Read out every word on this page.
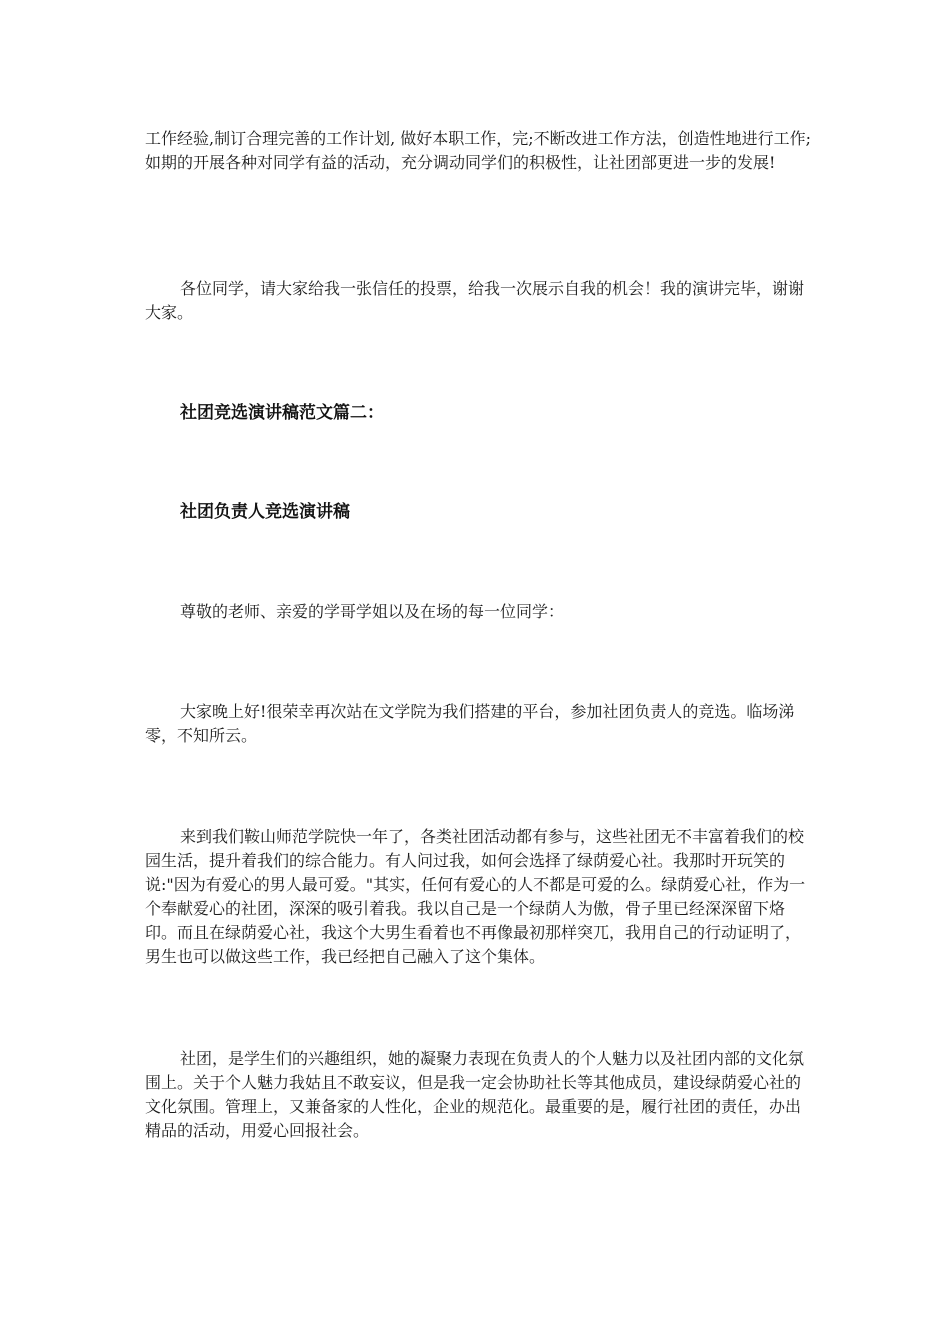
工作经验,制订合理完善的工作计划, 做好本职工作，完;不断改进工作方法，创造性地进行工作;如期的开展各种对同学有益的活动，充分调动同学们的积极性，让社团部更进一步的发展!

各位同学，请大家给我一张信任的投票，给我一次展示自我的机会！我的演讲完毕，谢谢大家。

社团竞选演讲稿范文篇二：

社团负责人竞选演讲稿

尊敬的老师、亲爱的学哥学姐以及在场的每一位同学：

大家晚上好!很荣幸再次站在文学院为我们搭建的平台，参加社团负责人的竞选。临场涕零，不知所云。

来到我们鞍山师范学院快一年了，各类社团活动都有参与，这些社团无不丰富着我们的校园生活，提升着我们的综合能力。有人问过我，如何会选择了绿荫爱心社。我那时开玩笑的说:"因为有爱心的男人最可爱。"其实，任何有爱心的人不都是可爱的么。绿荫爱心社，作为一个奉献爱心的社团，深深的吸引着我。我以自己是一个绿荫人为傲，骨子里已经深深留下烙印。而且在绿荫爱心社，我这个大男生看着也不再像最初那样突兀，我用自己的行动证明了，男生也可以做这些工作，我已经把自己融入了这个集体。

社团，是学生们的兴趣组织，她的凝聚力表现在负责人的个人魅力以及社团内部的文化氛围上。关于个人魅力我姑且不敢妄议，但是我一定会协助社长等其他成员，建设绿荫爱心社的文化氛围。管理上，又兼备家的人性化，企业的规范化。最重要的是，履行社团的责任，办出精品的活动，用爱心回报社会。
